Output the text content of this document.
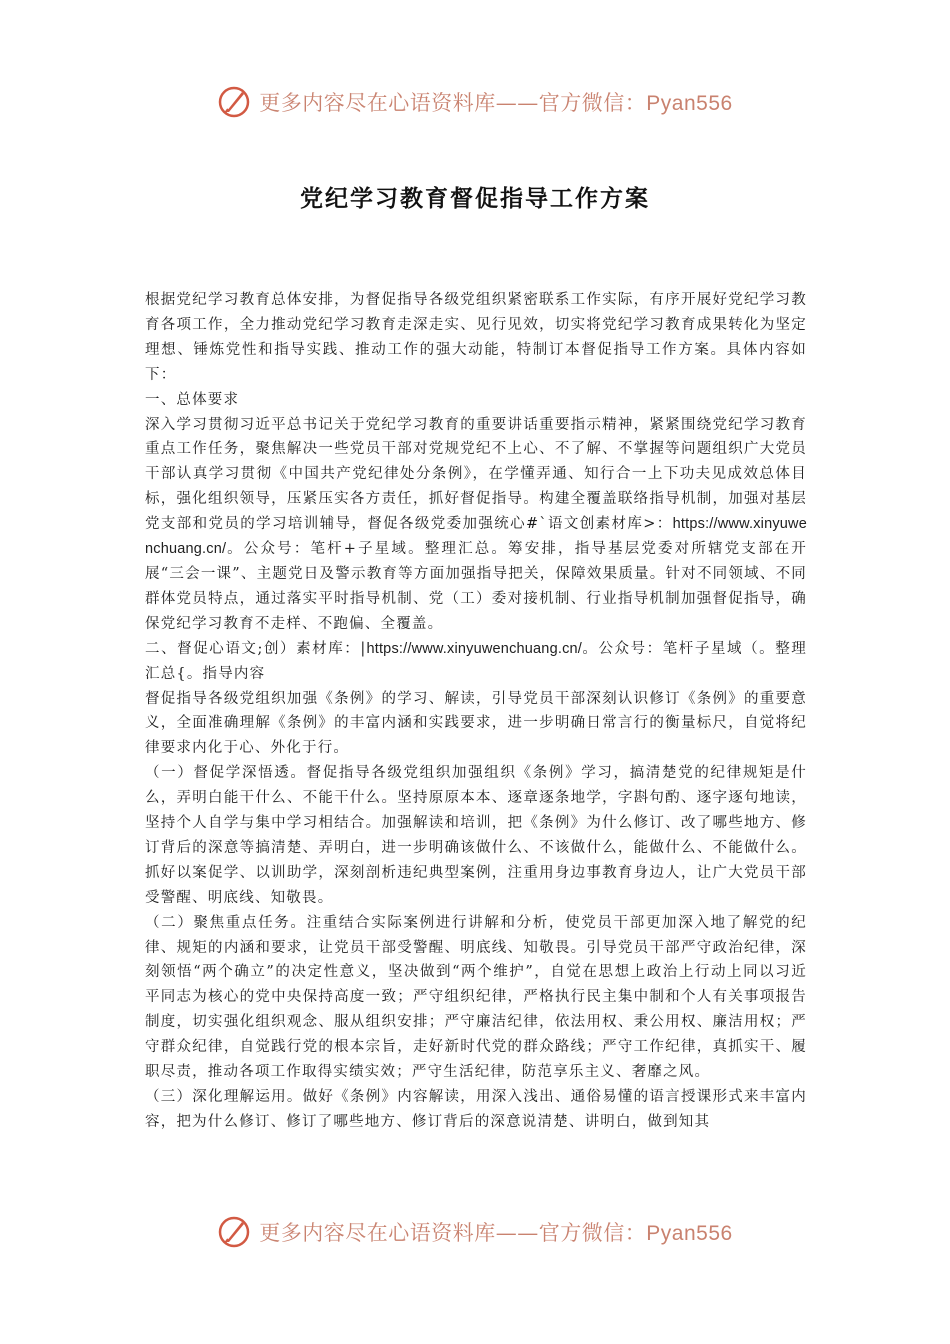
更多内容尽在心语资料库——官方微信：Pyan556
党纪学习教育督促指导工作方案

根据党纪学习教育总体安排，为督促指导各级党组织紧密联系工作实际，有序开展好党纪学习教育各项工作，全力推动党纪学习教育走深走实、见行见效，切实将党纪学习教育成果转化为坚定理想、锤炼党性和指导实践、推动工作的强大动能，特制订本督促指导工作方案。具体内容如下：

一、总体要求

深入学习贯彻习近平总书记关于党纪学习教育的重要讲话重要指示精神，紧紧围绕党纪学习教育重点工作任务，聚焦解决一些党员干部对党规党纪不上心、不了解、不掌握等问题组织广大党员干部认真学习贯彻《中国共产党纪律处分条例》，在学懂弄通、知行合一上下功夫见成效总体目标，强化组织领导，压紧压实各方责任，抓好督促指导。构建全覆盖联络指导机制，加强对基层党支部和党员的学习培训辅导，督促各级党委加强统心#`语文创素材库>：https://www.xinyuwenchuang.cn/。公众号：笔杆+子星域。整理汇总。筹安排，指导基层党委对所辖党支部在开展“三会一课”、主题党日及警示教育等方面加强指导把关，保障效果质量。针对不同领域、不同群体党员特点，通过落实平时指导机制、党（工）委对接机制、行业指导机制加强督促指导，确保党纪学习教育不走样、不跑偏、全覆盖。

二、督促心语文;创）素材库：|https://www.xinyuwenchuang.cn/。公众号：笔杆子星域（。整理汇总{。指导内容

督促指导各级党组织加强《条例》的学习、解读，引导党员干部深刻认识修订《条例》的重要意义，全面准确理解《条例》的丰富内涵和实践要求，进一步明确日常言行的衡量标尺，自觉将纪律要求内化于心、外化于行。

（一）督促学深悟透。督促指导各级党组织加强组织《条例》学习，搞清楚党的纪律规矩是什么，弄明白能干什么、不能干什么。坚持原原本本、逐章逐条地学，字斟句酌、逐字逐句地读，坚持个人自学与集中学习相结合。加强解读和培训，把《条例》为什么修订、改了哪些地方、修订背后的深意等搞清楚、弄明白，进一步明确该做什么、不该做什么，能做什么、不能做什么。抓好以案促学、以训助学，深刻剖析违纪典型案例，注重用身边事教育身边人，让广大党员干部受警醒、明底线、知敬畏。

（二）聚焦重点任务。注重结合实际案例进行讲解和分析，使党员干部更加深入地了解党的纪律、规矩的内涵和要求，让党员干部受警醒、明底线、知敬畏。引导党员干部严守政治纪律，深刻领悟“两个确立”的决定性意义，坚决做到“两个维护”，自觉在思想上政治上行动上同以习近平同志为核心的党中央保持高度一致；严守组织纪律，严格执行民主集中制和个人有关事项报告制度，切实强化组织观念、服从组织安排；严守廉洁纪律，依法用权、秉公用权、廉洁用权；严守群众纪律，自觉践行党的根本宗旨，走好新时代党的群众路线；严守工作纪律，真抓实干、履职尽责，推动各项工作取得实绩实效；严守生活纪律，防范享乐主义、奢靡之风。

（三）深化理解运用。做好《条例》内容解读，用深入浅出、通俗易懂的语言授课形式来丰富内容，把为什么修订、修订了哪些地方、修订背后的深意说清楚、讲明白，做到知其

更多内容尽在心语资料库——官方微信：Pyan556
